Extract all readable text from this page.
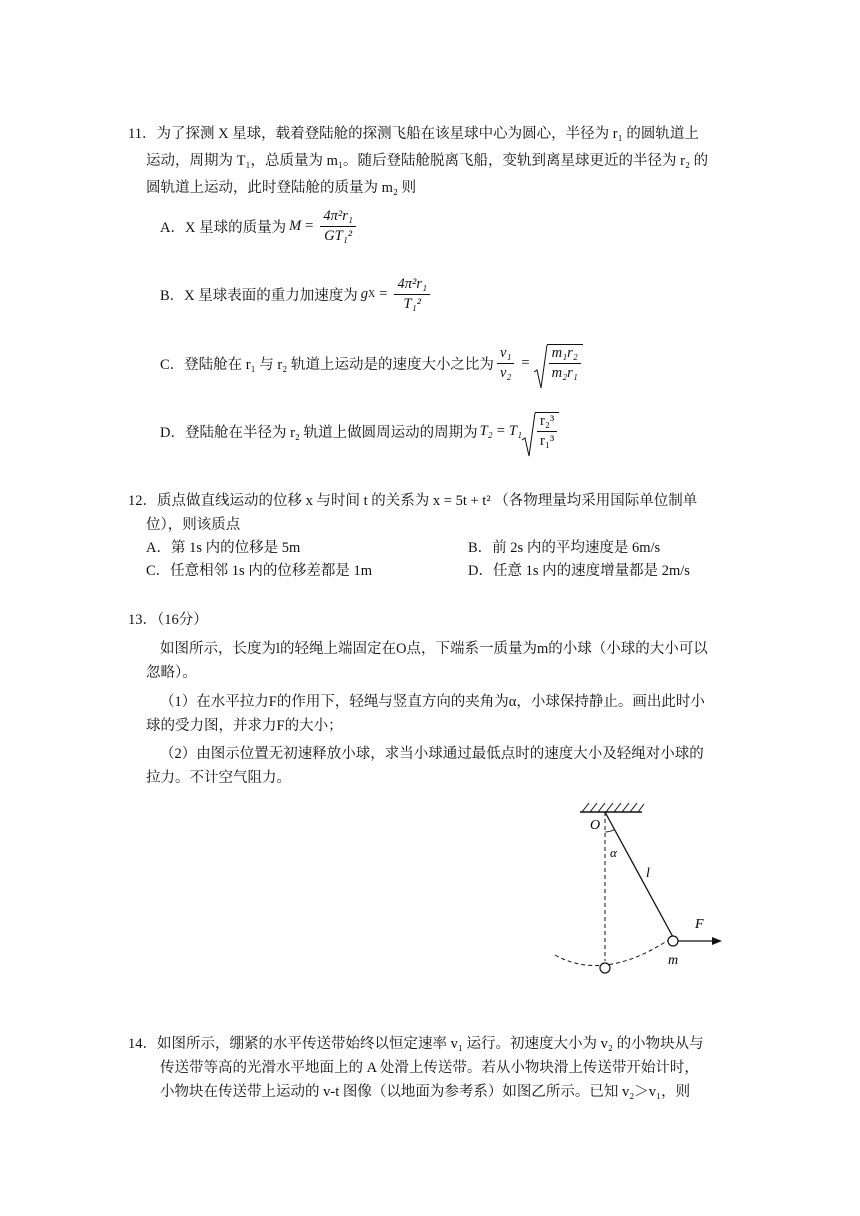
11．为了探测 X 星球，载着登陆舱的探测飞船在该星球中心为圆心，半径为 r₁ 的圆轨道上
运动，周期为 T₁，总质量为 m₁。随后登陆舱脱离飞船，变轨到离星球更近的半径为 r₂ 的
圆轨道上运动，此时登陆舱的质量为 m₂ 则
A．X 星球的质量为 $M = \frac{\text{4π²r₁}}{\text{GT₁²}}$
B．X 星球表面的重力加速度为 g $X = \frac{\text{4π²r₁}}{\text{T₁²}}$
C．登陆舱在 r₁ 与 r₂ 轨道上运动是的速度大小之比为 $\frac{\text{v₁}}{\text{v₂}} = \frac{\text{m₁r₂}}{\text{m₂r₁}}$
D．登陆舱在半径为 r₂ 轨道上做圆周运动的周期为 $T_2 = T_1 \frac{\text{r₂³}}{\text{r₁³}}$
12．质点做直线运动的位移 x 与时间 t 的关系为 x = 5t + t² （各物理量均采用国际单位制单
位），则该质点
A．第 1s 内的位移是 5m	B．前 2s 内的平均速度是 6m/s
C．任意相邻 1s 内的位移差都是 1m	D．任意 1s 内的速度增量都是 2m/s
13．（16分）
如图所示，长度为l的轻绳上端固定在O点，下端系一质量为m的小球（小球的大小可以
忽略）。
（1）在水平拉力F的作用下，轻绳与竖直方向的夹角为α，小球保持静止。画出此时小
球的受力图，并求力F的大小；
（2）由图示位置无初速释放小球，求当小球通过最低点时的速度大小及轻绳对小球的
拉力。不计空气阻力。
O
α
l
F
m
14．如图所示，绷紧的水平传送带始终以恒定速率 v₁ 运行。初速度大小为 v₂ 的小物块从与
传送带等高的光滑水平地面上的 A 处滑上传送带。若从小物块滑上传送带开始计时，
小物块在传送带上运动的 v-t 图像（以地面为参考系）如图乙所示。已知 v₂＞v₁，则
